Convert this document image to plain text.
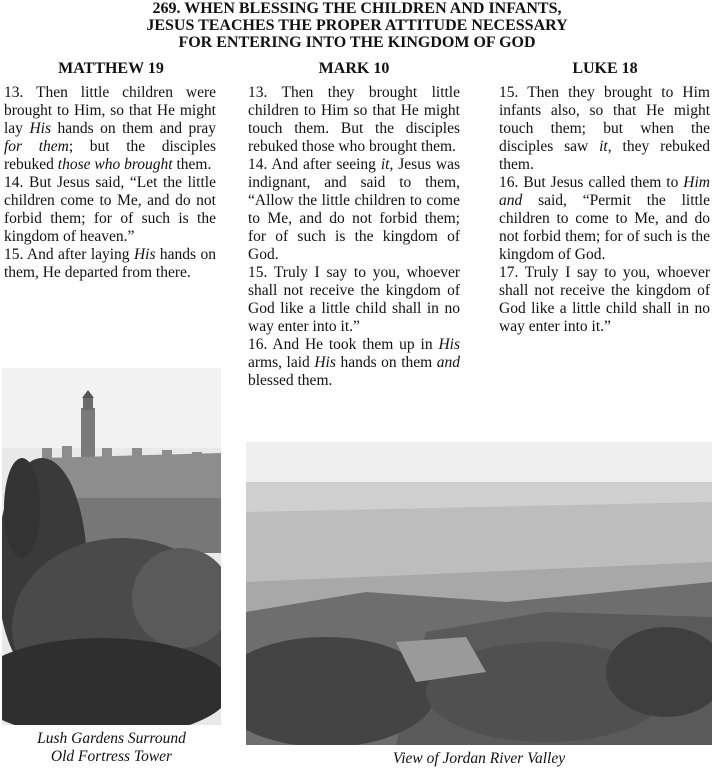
269. WHEN BLESSING THE CHILDREN AND INFANTS,
JESUS TEACHES THE PROPER ATTITUDE NECESSARY
FOR ENTERING INTO THE KINGDOM OF GOD
MATTHEW 19	MARK 10	LUKE 18

13. Then little children were brought to Him, so that He might lay His hands on them and pray for them; but the disciples rebuked those who brought them.

14. But Jesus said, “Let the little children come to Me, and do not forbid them; for of such is the kingdom of heaven.”

15. And after laying His hands on them, He departed from there.

13. Then they brought little children to Him so that He might touch them. But the disciples rebuked those who brought them.

14. And after seeing it, Jesus was indignant, and said to them, “Allow the little children to come to Me, and do not forbid them; for of such is the kingdom of God.

15. Truly I say to you, whoever shall not receive the kingdom of God like a little child shall in no way enter into it.”

16. And He took them up in His arms, laid His hands on them and blessed them.

15. Then they brought to Him infants also, so that He might touch them; but when the disciples saw it, they rebuked them.

16. But Jesus called them to Him and said, “Permit the little children to come to Me, and do not forbid them; for of such is the kingdom of God.

17. Truly I say to you, whoever shall not receive the kingdom of God like a little child shall in no way enter into it.”

Lush Gardens Surround
Old Fortress Tower	View of Jordan River Valley
